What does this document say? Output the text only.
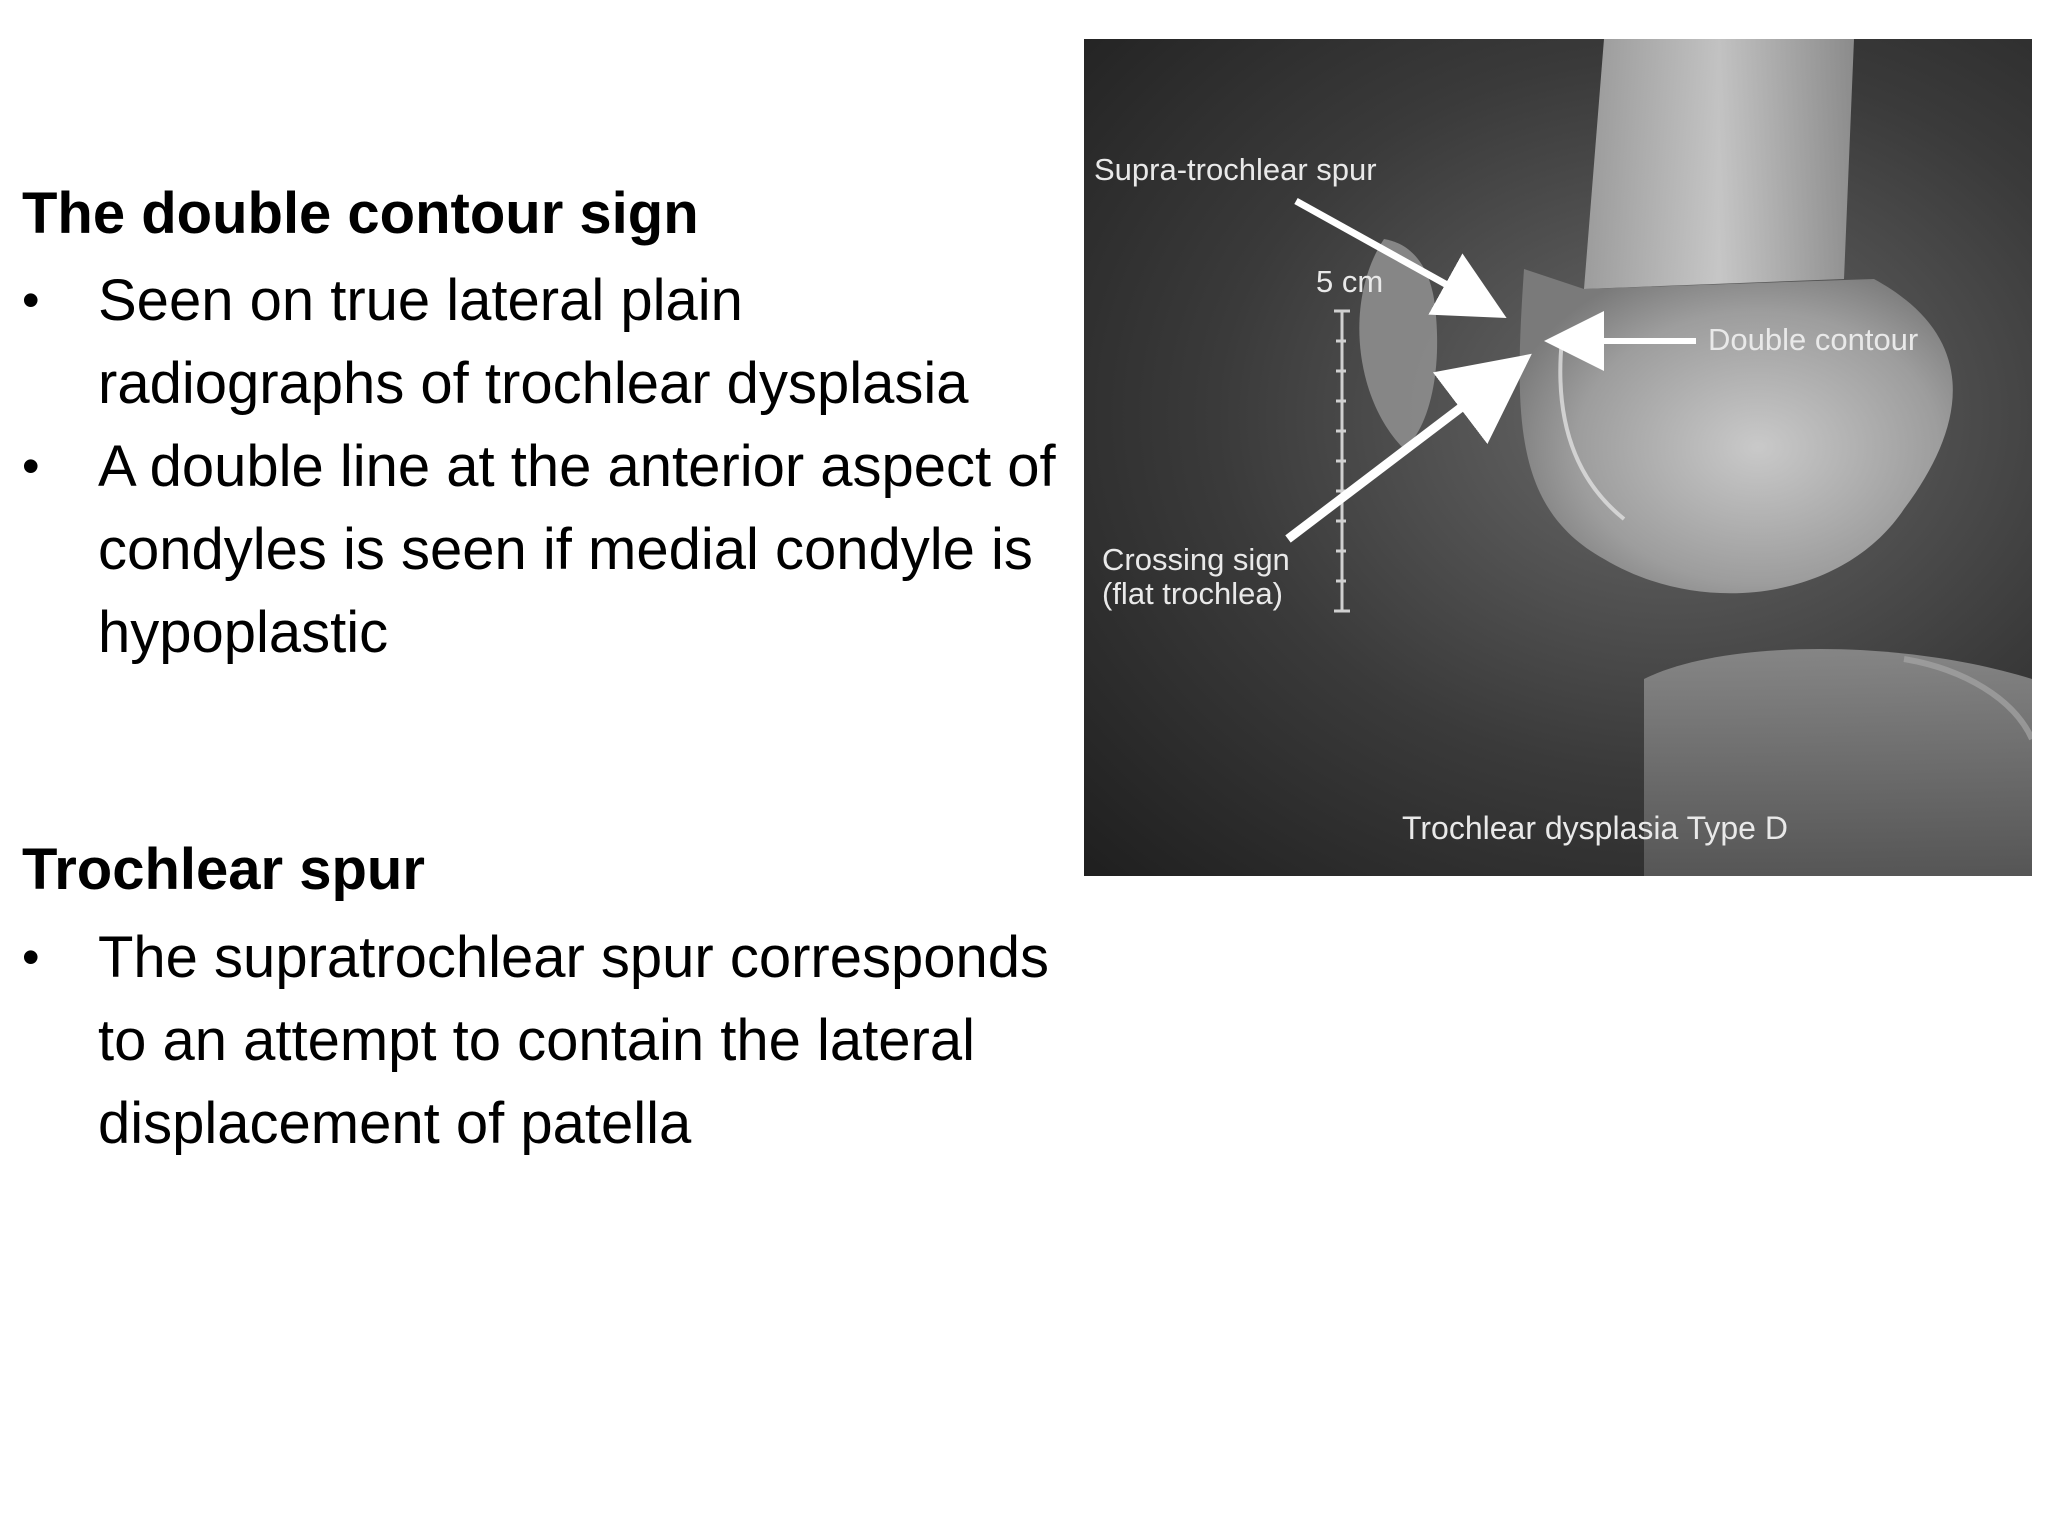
The double contour sign
• Seen on true lateral plain radiographs of trochlear dysplasia
• A double line at the anterior aspect of condyles is seen if medial condyle is hypoplastic
Trochlear spur
• The supratrochlear spur corresponds to an attempt to contain the lateral displacement of patella
Supra-trochlear spur
5 cm
Double contour
Crossing sign
(flat trochlea)
Trochlear dysplasia Type D
